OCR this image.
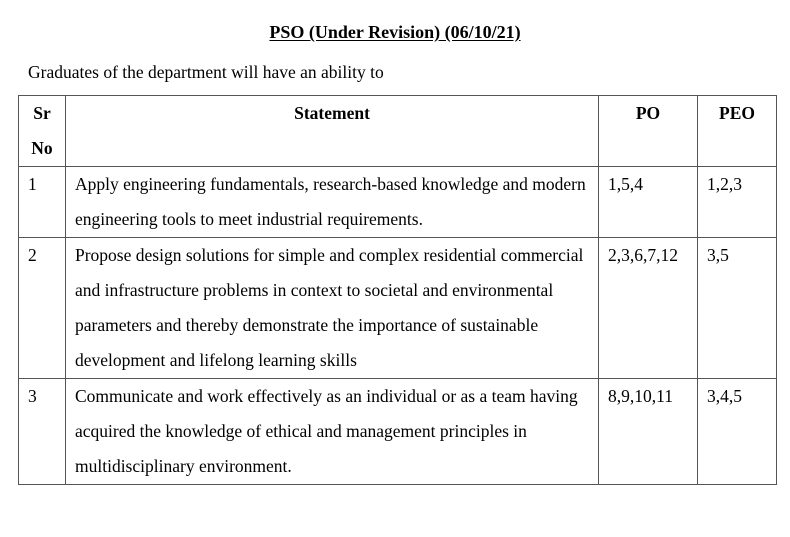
PSO (Under Revision) (06/10/21)
Graduates of the department will have an ability to
Sr
No	Statement	PO	PEO
1	Apply engineering fundamentals, research-based knowledge and modern engineering tools to meet industrial requirements.	1,5,4	1,2,3
2	Propose design solutions for simple and complex residential commercial and infrastructure problems in context to societal and environmental parameters and thereby demonstrate the importance of sustainable development and lifelong learning skills	2,3,6,7,12	3,5
3	Communicate and work effectively as an individual or as a team having acquired the knowledge of ethical and management principles in multidisciplinary environment.	8,9,10,11	3,4,5
